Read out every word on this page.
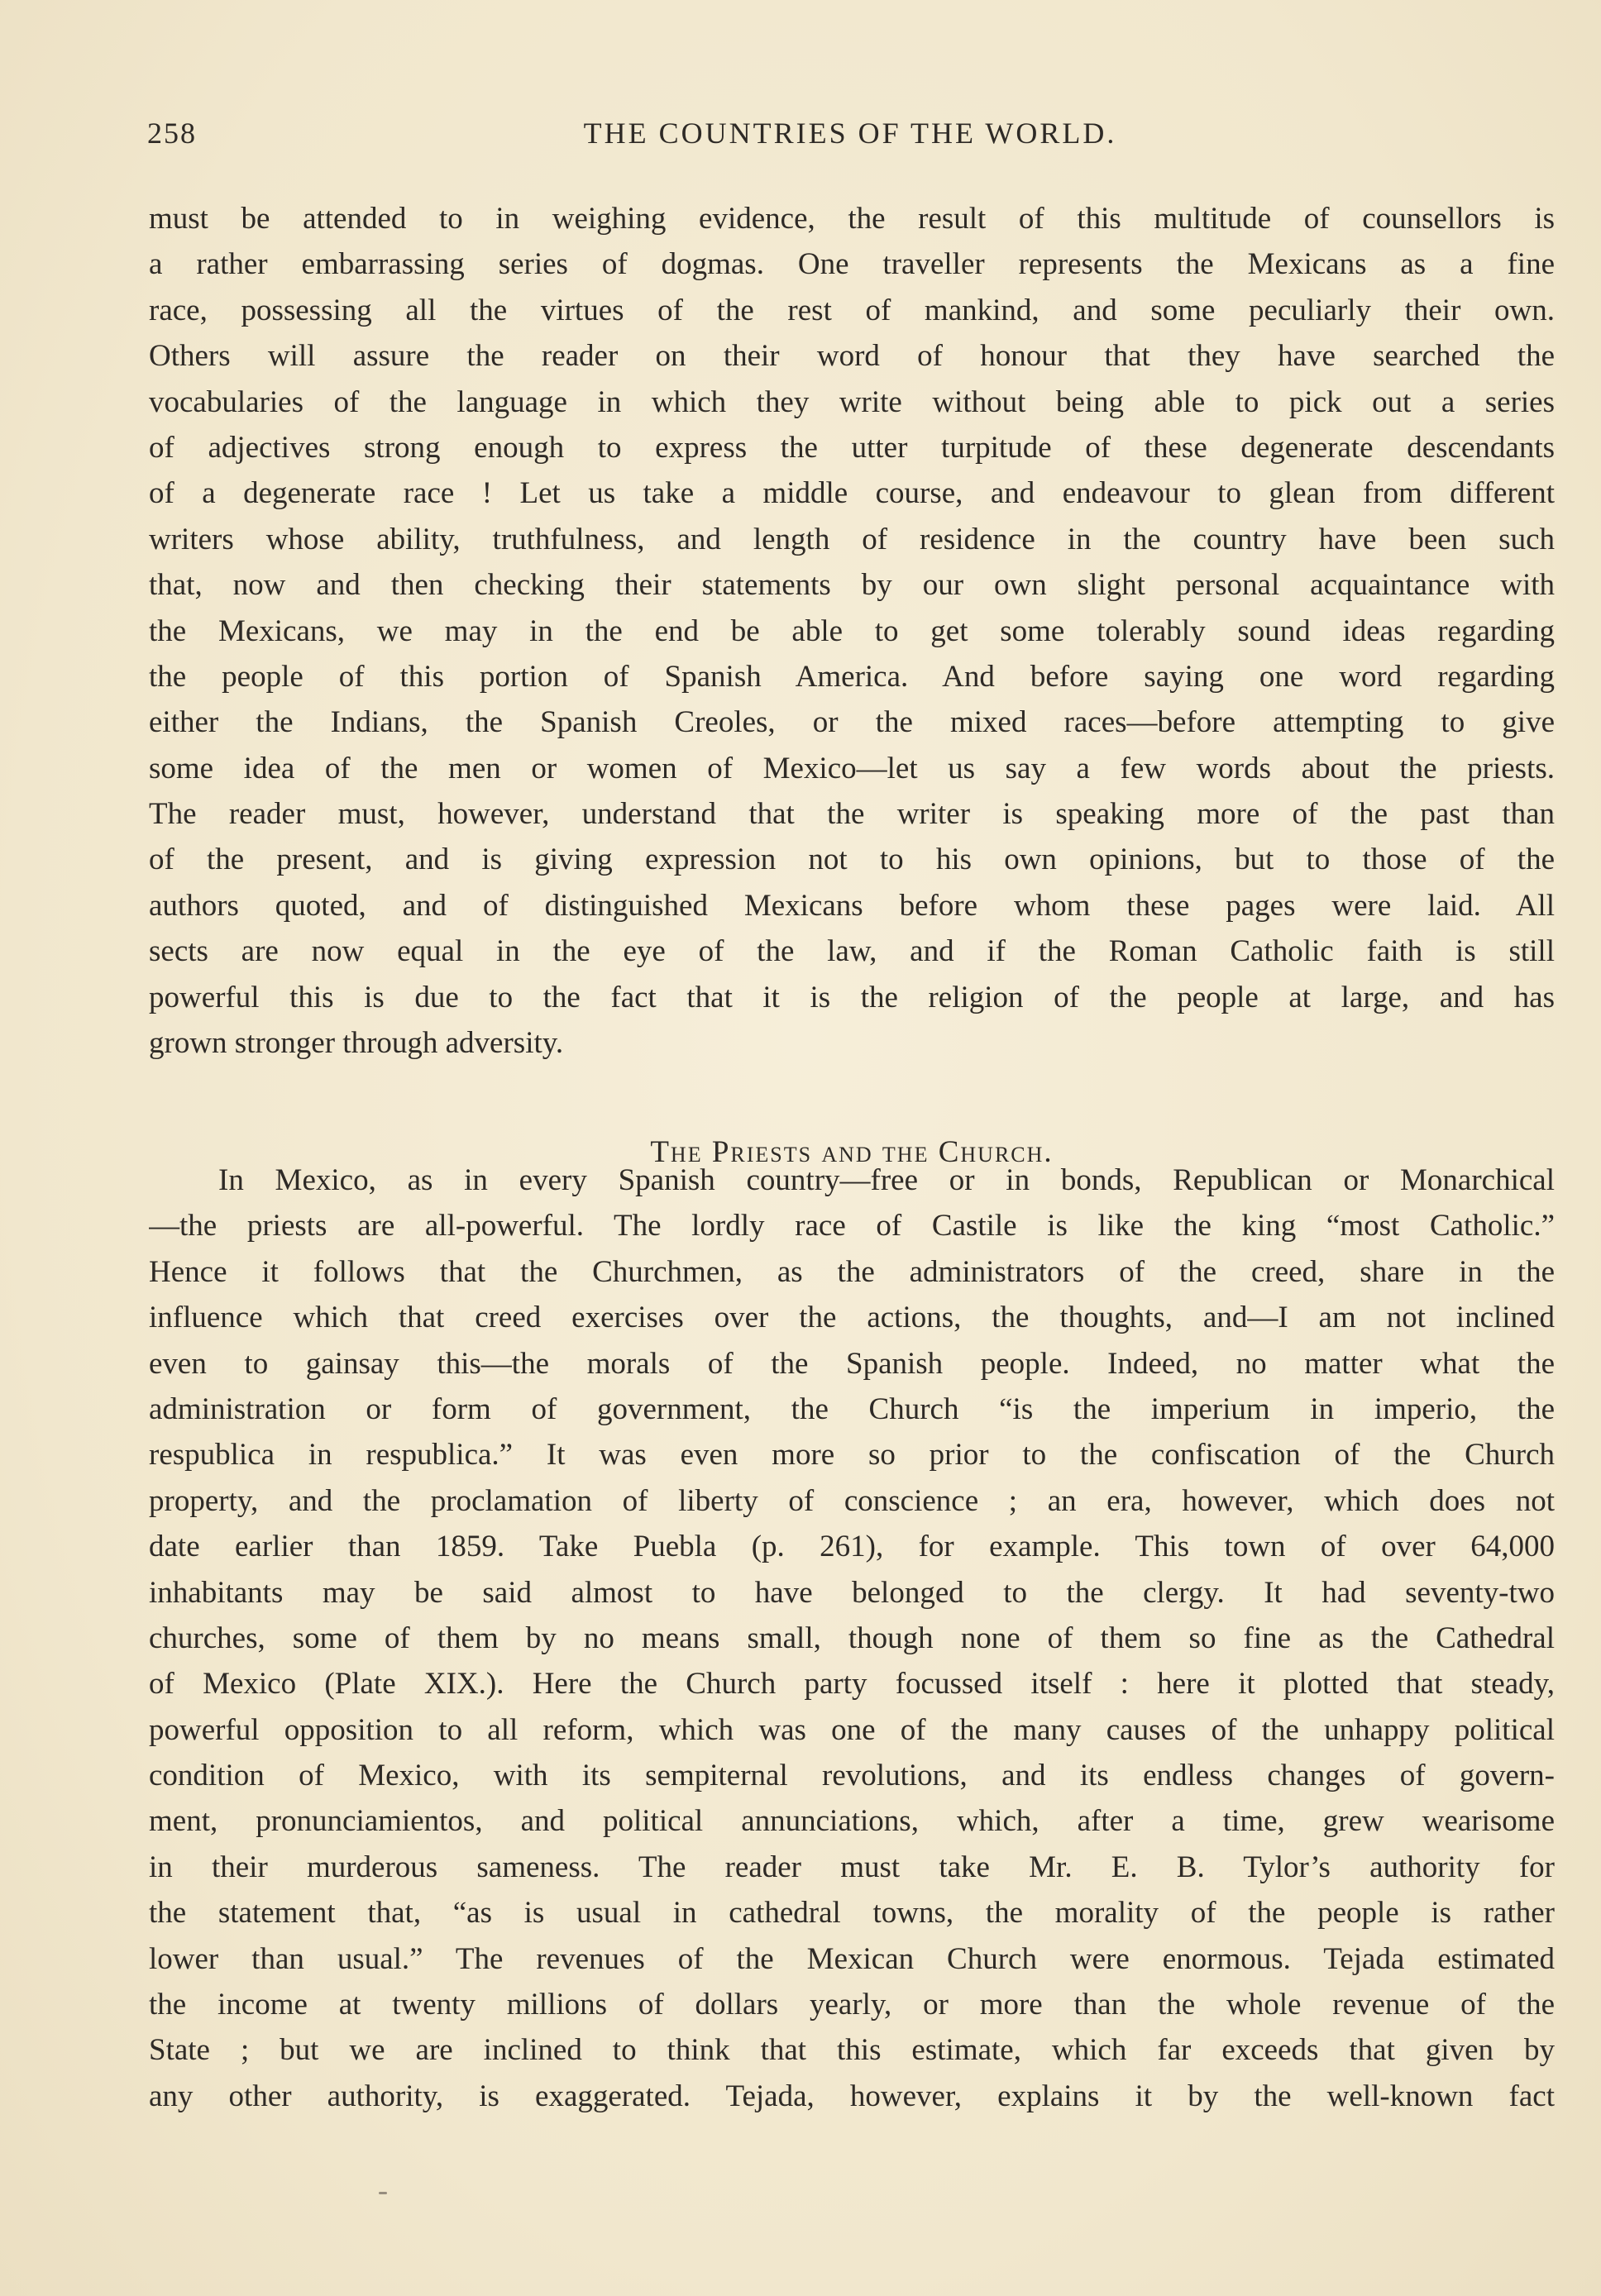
258	THE COUNTRIES OF THE WORLD.
must be attended to in weighing evidence, the result of this multitude of counsellors is
a rather embarrassing series of dogmas. One traveller represents the Mexicans as a fine
race, possessing all the virtues of the rest of mankind, and some peculiarly their own.
Others will assure the reader on their word of honour that they have searched the
vocabularies of the language in which they write without being able to pick out a series
of adjectives strong enough to express the utter turpitude of these degenerate descendants
of a degenerate race ! Let us take a middle course, and endeavour to glean from different
writers whose ability, truthfulness, and length of residence in the country have been such
that, now and then checking their statements by our own slight personal acquaintance with
the Mexicans, we may in the end be able to get some tolerably sound ideas regarding
the people of this portion of Spanish America. And before saying one word regarding
either the Indians, the Spanish Creoles, or the mixed races—before attempting to give
some idea of the men or women of Mexico—let us say a few words about the priests.
The reader must, however, understand that the writer is speaking more of the past than
of the present, and is giving expression not to his own opinions, but to those of the
authors quoted, and of distinguished Mexicans before whom these pages were laid. All
sects are now equal in the eye of the law, and if the Roman Catholic faith is still
powerful this is due to the fact that it is the religion of the people at large, and has
grown stronger through adversity.
The Priests and the Church.
In Mexico, as in every Spanish country—free or in bonds, Republican or Monarchical
—the priests are all-powerful. The lordly race of Castile is like the king “most Catholic.”
Hence it follows that the Churchmen, as the administrators of the creed, share in the
influence which that creed exercises over the actions, the thoughts, and—I am not inclined
even to gainsay this—the morals of the Spanish people. Indeed, no matter what the
administration or form of government, the Church “is the imperium in imperio, the
respublica in respublica.” It was even more so prior to the confiscation of the Church
property, and the proclamation of liberty of conscience ; an era, however, which does not
date earlier than 1859. Take Puebla (p. 261), for example. This town of over 64,000
inhabitants may be said almost to have belonged to the clergy. It had seventy-two
churches, some of them by no means small, though none of them so fine as the Cathedral
of Mexico (Plate XIX.). Here the Church party focussed itself : here it plotted that steady,
powerful opposition to all reform, which was one of the many causes of the unhappy political
condition of Mexico, with its sempiternal revolutions, and its endless changes of govern-
ment, pronunciamientos, and political annunciations, which, after a time, grew wearisome
in their murderous sameness. The reader must take Mr. E. B. Tylor’s authority for
the statement that, “as is usual in cathedral towns, the morality of the people is rather
lower than usual.” The revenues of the Mexican Church were enormous. Tejada estimated
the income at twenty millions of dollars yearly, or more than the whole revenue of the
State ; but we are inclined to think that this estimate, which far exceeds that given by
any other authority, is exaggerated. Tejada, however, explains it by the well-known fact
